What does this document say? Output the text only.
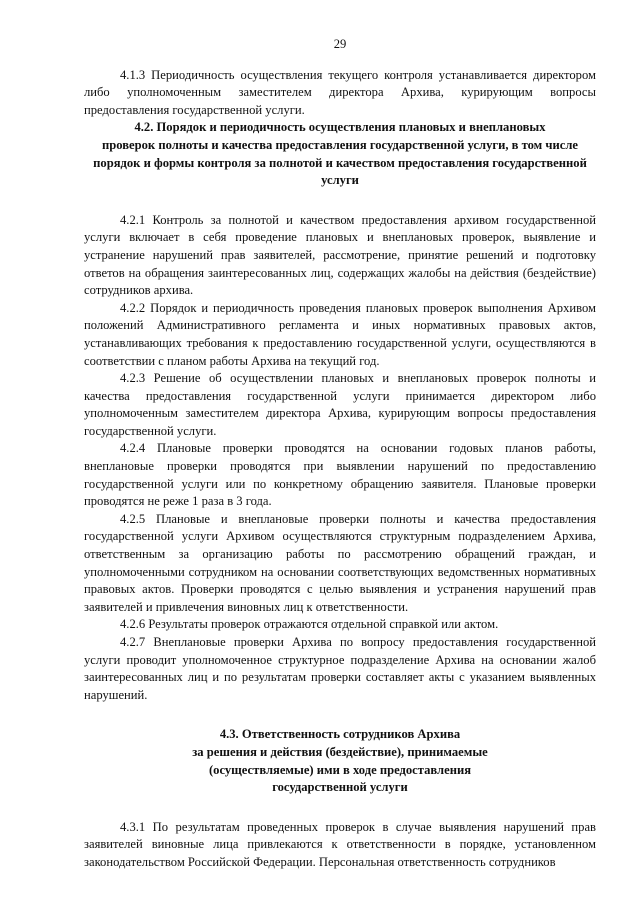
29

4.1.3 Периодичность осуществления текущего контроля устанавливается директором либо уполномоченным заместителем директора Архива, курирующим вопросы предоставления государственной услуги.

4.2. Порядок и периодичность осуществления плановых и внеплановых
проверок полноты и качества предоставления государственной услуги, в том числе
порядок и формы контроля за полнотой и качеством предоставления государственной
услуги

4.2.1 Контроль за полнотой и качеством предоставления архивом государственной услуги включает в себя проведение плановых и внеплановых проверок, выявление и устранение нарушений прав заявителей, рассмотрение, принятие решений и подготовку ответов на обращения заинтересованных лиц, содержащих жалобы на действия (бездействие) сотрудников архива.

4.2.2 Порядок и периодичность проведения плановых проверок выполнения Архивом положений Административного регламента и иных нормативных правовых актов, устанавливающих требования к предоставлению государственной услуги, осуществляются в соответствии с планом работы Архива на текущий год.

4.2.3 Решение об осуществлении плановых и внеплановых проверок полноты и качества предоставления государственной услуги принимается директором либо уполномоченным заместителем директора Архива, курирующим вопросы предоставления государственной услуги.

4.2.4 Плановые проверки проводятся на основании годовых планов работы, внеплановые проверки проводятся при выявлении нарушений по предоставлению государственной услуги или по конкретному обращению заявителя. Плановые проверки проводятся не реже 1 раза в 3 года.

4.2.5 Плановые и внеплановые проверки полноты и качества предоставления государственной услуги Архивом осуществляются структурным подразделением Архива, ответственным за организацию работы по рассмотрению обращений граждан, и уполномоченными сотрудником на основании соответствующих ведомственных нормативных правовых актов. Проверки проводятся с целью выявления и устранения нарушений прав заявителей и привлечения виновных лиц к ответственности.

4.2.6 Результаты проверок отражаются отдельной справкой или актом.

4.2.7 Внеплановые проверки Архива по вопросу предоставления государственной услуги проводит уполномоченное структурное подразделение Архива на основании жалоб заинтересованных лиц и по результатам проверки составляет акты с указанием выявленных нарушений.

4.3. Ответственность сотрудников Архива
за решения и действия (бездействие), принимаемые
(осуществляемые) ими в ходе предоставления
государственной услуги

4.3.1 По результатам проведенных проверок в случае выявления нарушений прав заявителей виновные лица привлекаются к ответственности в порядке, установленном законодательством Российской Федерации. Персональная ответственность сотрудников
